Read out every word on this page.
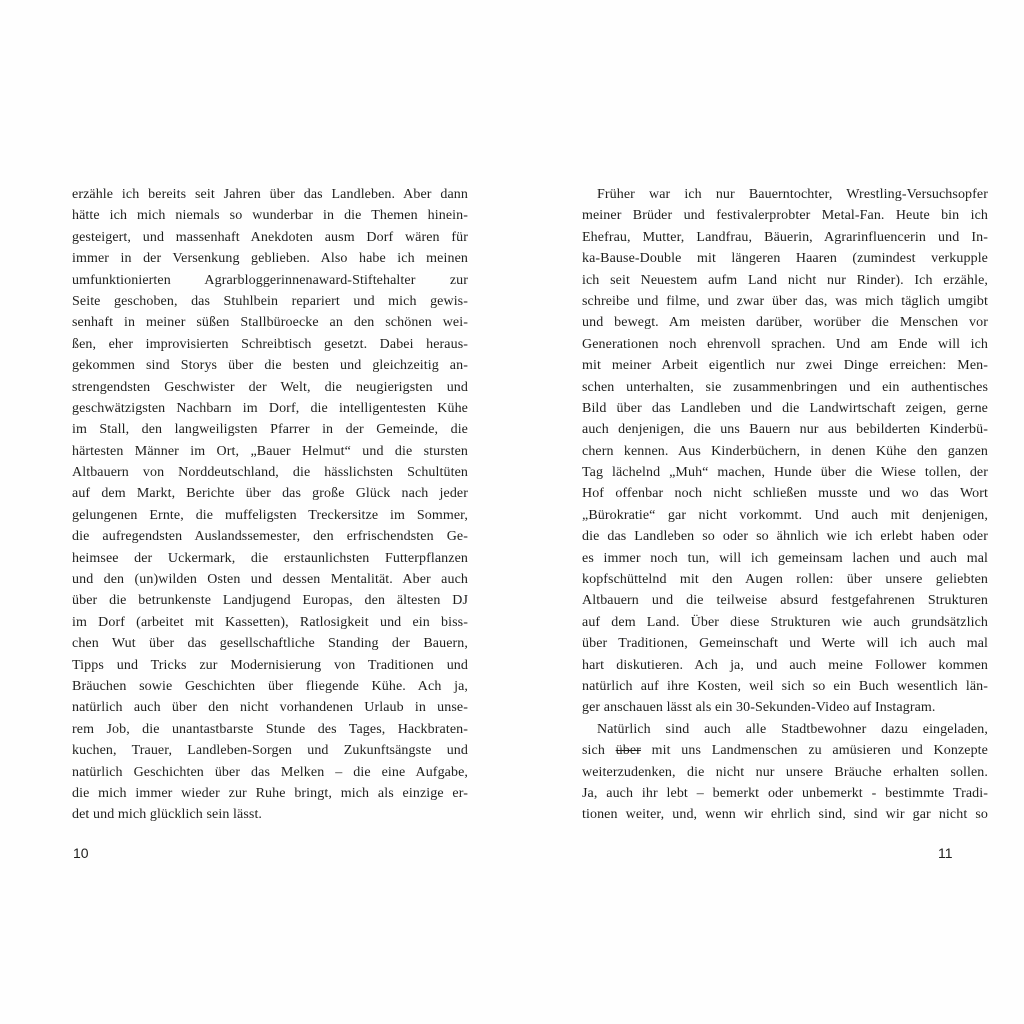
erzähle ich bereits seit Jahren über das Landleben. Aber dann
hätte ich mich niemals so wunderbar in die Themen hinein-
gesteigert, und massenhaft Anekdoten ausm Dorf wären für
immer in der Versenkung geblieben. Also habe ich meinen
umfunktionierten Agrarbloggerinnenaward-Stiftehalter zur
Seite geschoben, das Stuhlbein repariert und mich gewis-
senhaft in meiner süßen Stallbüroecke an den schönen wei-
ßen, eher improvisierten Schreibtisch gesetzt. Dabei heraus-
gekommen sind Storys über die besten und gleichzeitig an-
strengendsten Geschwister der Welt, die neugierigsten und
geschwätzigsten Nachbarn im Dorf, die intelligentesten Kühe
im Stall, den langweiligsten Pfarrer in der Gemeinde, die
härtesten Männer im Ort, „Bauer Helmut“ und die stursten
Altbauern von Norddeutschland, die hässlichsten Schultüten
auf dem Markt, Berichte über das große Glück nach jeder
gelungenen Ernte, die muffeligsten Treckersitze im Sommer,
die aufregendsten Auslandssemester, den erfrischendsten Ge-
heimsee der Uckermark, die erstaunlichsten Futterpflanzen
und den (un)wilden Osten und dessen Mentalität. Aber auch
über die betrunkenste Landjugend Europas, den ältesten DJ
im Dorf (arbeitet mit Kassetten), Ratlosigkeit und ein biss-
chen Wut über das gesellschaftliche Standing der Bauern,
Tipps und Tricks zur Modernisierung von Traditionen und
Bräuchen sowie Geschichten über fliegende Kühe. Ach ja,
natürlich auch über den nicht vorhandenen Urlaub in unse-
rem Job, die unantastbarste Stunde des Tages, Hackbraten-
kuchen, Trauer, Landleben-Sorgen und Zukunftsängste und
natürlich Geschichten über das Melken – die eine Aufgabe,
die mich immer wieder zur Ruhe bringt, mich als einzige er-
det und mich glücklich sein lässt.
Früher war ich nur Bauerntochter, Wrestling-Versuchsopfer
meiner Brüder und festivalerprobter Metal-Fan. Heute bin ich
Ehefrau, Mutter, Landfrau, Bäuerin, Agrarinfluencerin und In-
ka-Bause-Double mit längeren Haaren (zumindest verkupple
ich seit Neuestem aufm Land nicht nur Rinder). Ich erzähle,
schreibe und filme, und zwar über das, was mich täglich umgibt
und bewegt. Am meisten darüber, worüber die Menschen vor
Generationen noch ehrenvoll sprachen. Und am Ende will ich
mit meiner Arbeit eigentlich nur zwei Dinge erreichen: Men-
schen unterhalten, sie zusammenbringen und ein authentisches
Bild über das Landleben und die Landwirtschaft zeigen, gerne
auch denjenigen, die uns Bauern nur aus bebilderten Kinderbü-
chern kennen. Aus Kinderbüchern, in denen Kühe den ganzen
Tag lächelnd „Muh“ machen, Hunde über die Wiese tollen, der
Hof offenbar noch nicht schließen musste und wo das Wort
„Bürokratie“ gar nicht vorkommt. Und auch mit denjenigen,
die das Landleben so oder so ähnlich wie ich erlebt haben oder
es immer noch tun, will ich gemeinsam lachen und auch mal
kopfschüttelnd mit den Augen rollen: über unsere geliebten
Altbauern und die teilweise absurd festgefahrenen Strukturen
auf dem Land. Über diese Strukturen wie auch grundsätzlich
über Traditionen, Gemeinschaft und Werte will ich auch mal
hart diskutieren. Ach ja, und auch meine Follower kommen
natürlich auf ihre Kosten, weil sich so ein Buch wesentlich län-
ger anschauen lässt als ein 30-Sekunden-Video auf Instagram.
Natürlich sind auch alle Stadtbewohner dazu eingeladen,
sich über mit uns Landmenschen zu amüsieren und Konzepte
weiterzudenken, die nicht nur unsere Bräuche erhalten sollen.
Ja, auch ihr lebt – bemerkt oder unbemerkt - bestimmte Tradi-
tionen weiter, und, wenn wir ehrlich sind, sind wir gar nicht so
10	11
